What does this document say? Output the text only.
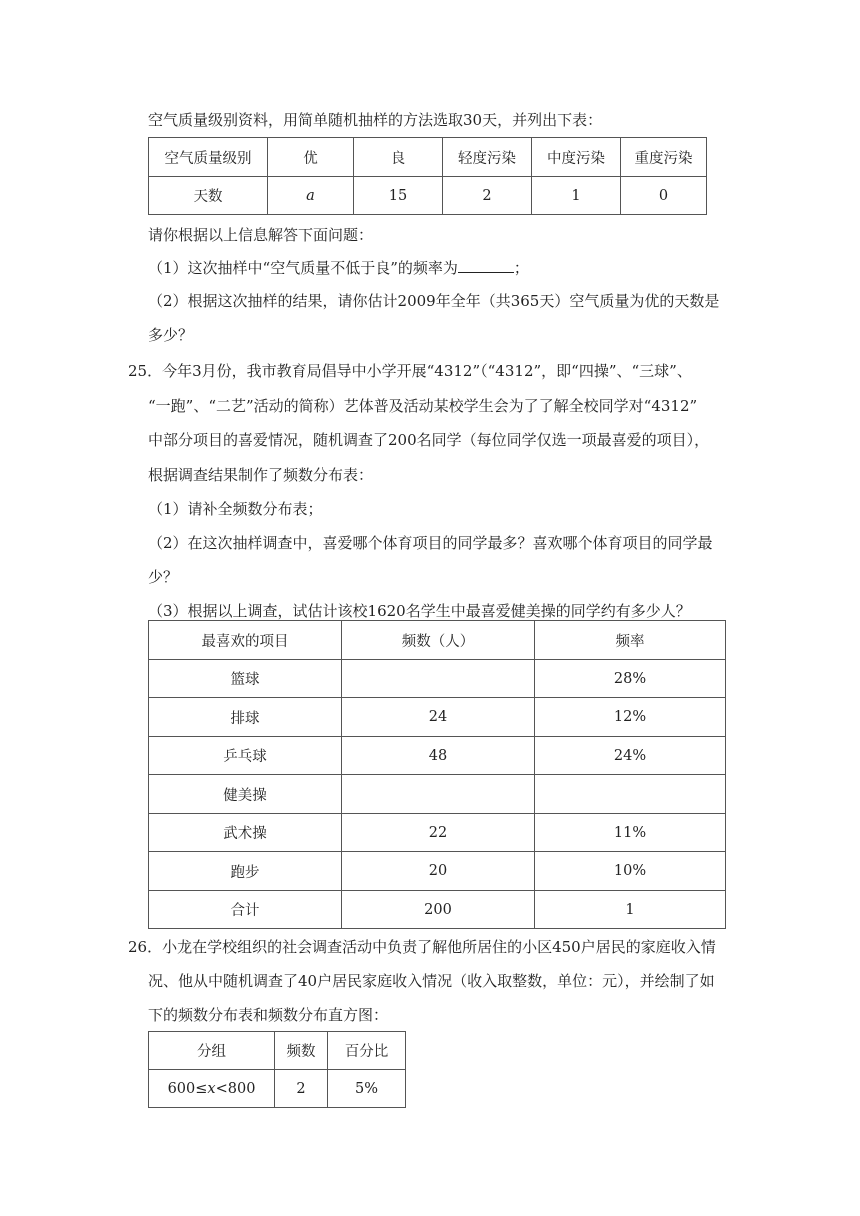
空气质量级别资料，用简单随机抽样的方法选取30天，并列出下表：
空气质量级别	优	良	轻度污染	中度污染	重度污染
天数	a	15	2	1	0
请你根据以上信息解答下面问题：
（1）这次抽样中“空气质量不低于良”的频率为	；
（2）根据这次抽样的结果，请你估计2009年全年（共365天）空气质量为优的天数是
多少？
25．今年3月份，我市教育局倡导中小学开展“4312”（“4312”，即“四操”、“三球”、
“一跑”、“二艺”活动的简称）艺体普及活动某校学生会为了了解全校同学对“4312”
中部分项目的喜爱情况，随机调查了200名同学（每位同学仅选一项最喜爱的项目），
根据调查结果制作了频数分布表：
（1）请补全频数分布表；
（2）在这次抽样调查中，喜爱哪个体育项目的同学最多？喜欢哪个体育项目的同学最
少？
（3）根据以上调查，试估计该校1620名学生中最喜爱健美操的同学约有多少人？
最喜欢的项目	频数（人）	频率
篮球		28%
排球	24	12%
乒乓球	48	24%
健美操		
武术操	22	11%
跑步	20	10%
合计	200	1
26．小龙在学校组织的社会调查活动中负责了解他所居住的小区450户居民的家庭收入情
况、他从中随机调查了40户居民家庭收入情况（收入取整数，单位：元），并绘制了如
下的频数分布表和频数分布直方图：
分组	频数	百分比
600≤x<800	2	5%
